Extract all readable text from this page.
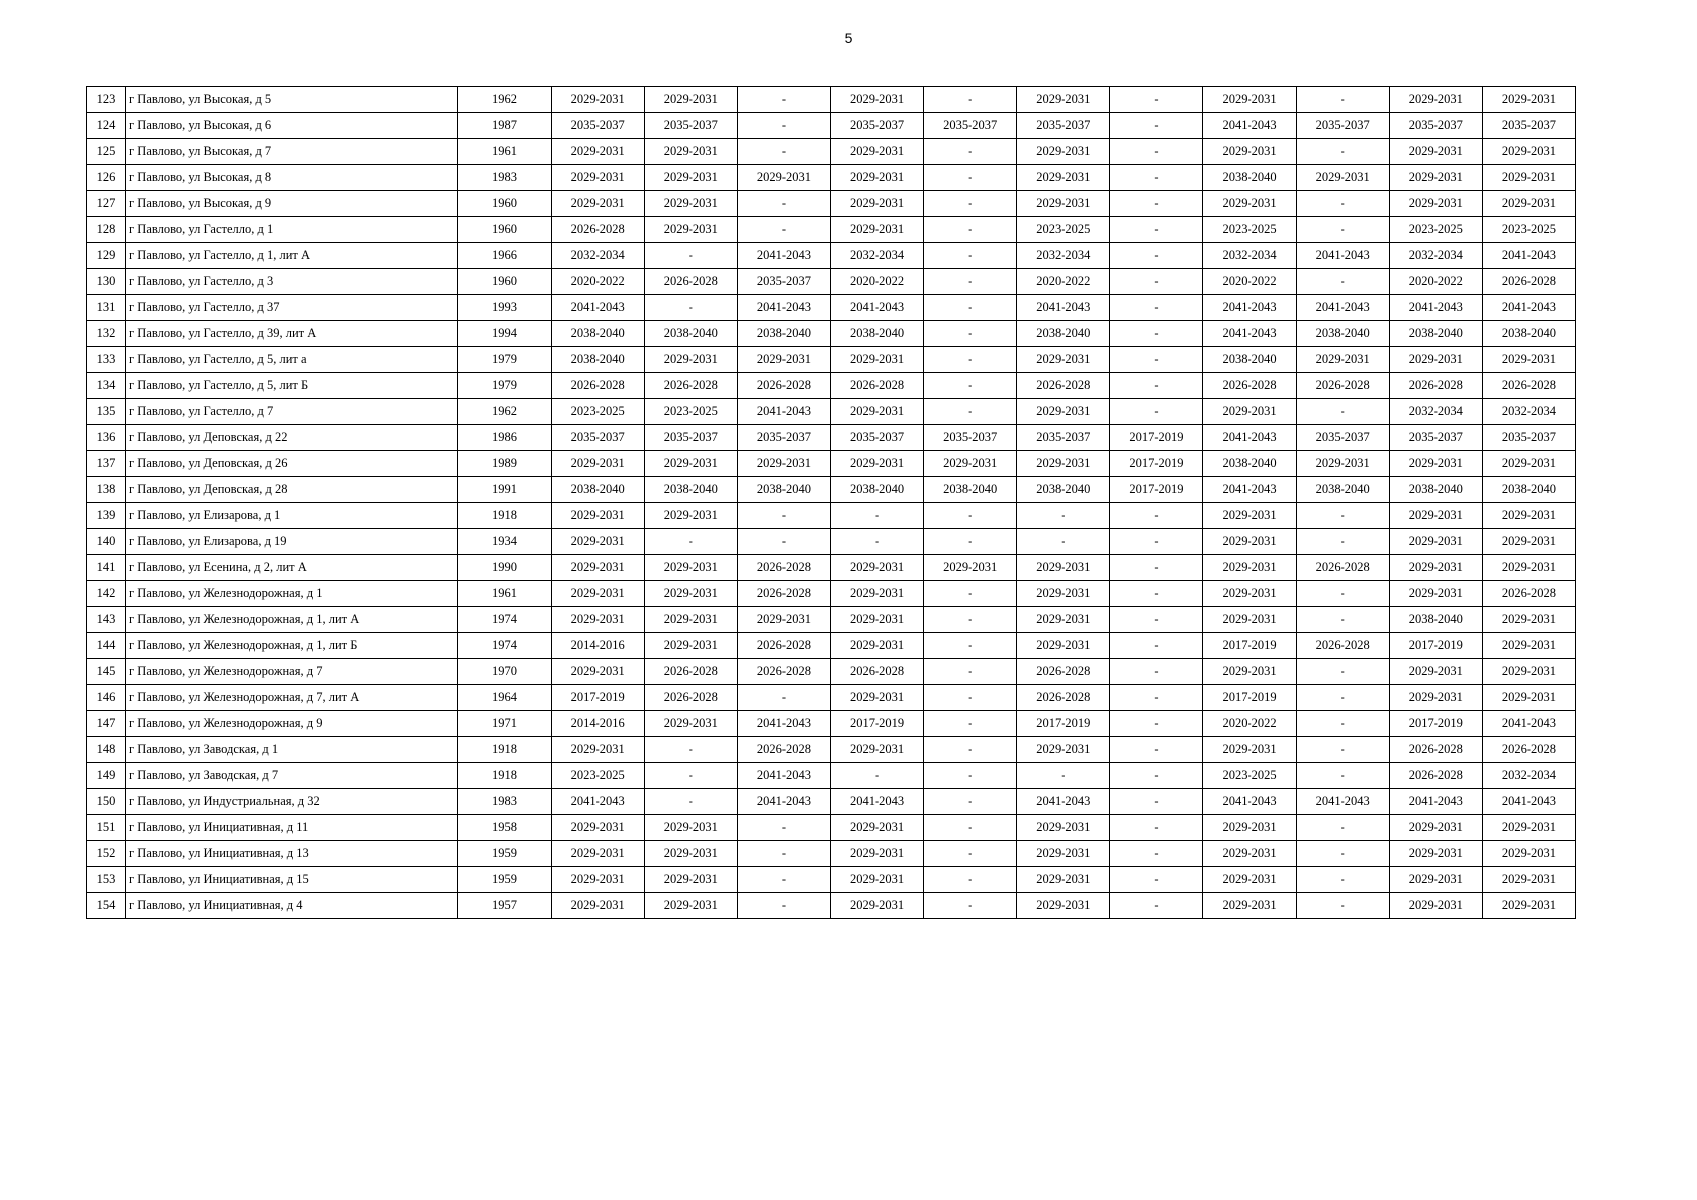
5
123	г Павлово, ул Высокая, д 5	1962	2029-2031	2029-2031	-	2029-2031	-	2029-2031	-	2029-2031	-	2029-2031	2029-2031
124	г Павлово, ул Высокая, д 6	1987	2035-2037	2035-2037	-	2035-2037	2035-2037	2035-2037	-	2041-2043	2035-2037	2035-2037	2035-2037
125	г Павлово, ул Высокая, д 7	1961	2029-2031	2029-2031	-	2029-2031	-	2029-2031	-	2029-2031	-	2029-2031	2029-2031
126	г Павлово, ул Высокая, д 8	1983	2029-2031	2029-2031	2029-2031	2029-2031	-	2029-2031	-	2038-2040	2029-2031	2029-2031	2029-2031
127	г Павлово, ул Высокая, д 9	1960	2029-2031	2029-2031	-	2029-2031	-	2029-2031	-	2029-2031	-	2029-2031	2029-2031
128	г Павлово, ул Гастелло, д 1	1960	2026-2028	2029-2031	-	2029-2031	-	2023-2025	-	2023-2025	-	2023-2025	2023-2025
129	г Павлово, ул Гастелло, д 1, лит А	1966	2032-2034	-	2041-2043	2032-2034	-	2032-2034	-	2032-2034	2041-2043	2032-2034	2041-2043
130	г Павлово, ул Гастелло, д 3	1960	2020-2022	2026-2028	2035-2037	2020-2022	-	2020-2022	-	2020-2022	-	2020-2022	2026-2028
131	г Павлово, ул Гастелло, д 37	1993	2041-2043	-	2041-2043	2041-2043	-	2041-2043	-	2041-2043	2041-2043	2041-2043	2041-2043
132	г Павлово, ул Гастелло, д 39, лит А	1994	2038-2040	2038-2040	2038-2040	2038-2040	-	2038-2040	-	2041-2043	2038-2040	2038-2040	2038-2040
133	г Павлово, ул Гастелло, д 5, лит а	1979	2038-2040	2029-2031	2029-2031	2029-2031	-	2029-2031	-	2038-2040	2029-2031	2029-2031	2029-2031
134	г Павлово, ул Гастелло, д 5, лит Б	1979	2026-2028	2026-2028	2026-2028	2026-2028	-	2026-2028	-	2026-2028	2026-2028	2026-2028	2026-2028
135	г Павлово, ул Гастелло, д 7	1962	2023-2025	2023-2025	2041-2043	2029-2031	-	2029-2031	-	2029-2031	-	2032-2034	2032-2034
136	г Павлово, ул Деповская, д 22	1986	2035-2037	2035-2037	2035-2037	2035-2037	2035-2037	2035-2037	2017-2019	2041-2043	2035-2037	2035-2037	2035-2037
137	г Павлово, ул Деповская, д 26	1989	2029-2031	2029-2031	2029-2031	2029-2031	2029-2031	2029-2031	2017-2019	2038-2040	2029-2031	2029-2031	2029-2031
138	г Павлово, ул Деповская, д 28	1991	2038-2040	2038-2040	2038-2040	2038-2040	2038-2040	2038-2040	2017-2019	2041-2043	2038-2040	2038-2040	2038-2040
139	г Павлово, ул Елизарова, д 1	1918	2029-2031	2029-2031	-	-	-	-	-	2029-2031	-	2029-2031	2029-2031
140	г Павлово, ул Елизарова, д 19	1934	2029-2031	-	-	-	-	-	-	2029-2031	-	2029-2031	2029-2031
141	г Павлово, ул Есенина, д 2, лит А	1990	2029-2031	2029-2031	2026-2028	2029-2031	2029-2031	2029-2031	-	2029-2031	2026-2028	2029-2031	2029-2031
142	г Павлово, ул Железнодорожная, д 1	1961	2029-2031	2029-2031	2026-2028	2029-2031	-	2029-2031	-	2029-2031	-	2029-2031	2026-2028
143	г Павлово, ул Железнодорожная, д 1, лит А	1974	2029-2031	2029-2031	2029-2031	2029-2031	-	2029-2031	-	2029-2031	-	2038-2040	2029-2031
144	г Павлово, ул Железнодорожная, д 1, лит Б	1974	2014-2016	2029-2031	2026-2028	2029-2031	-	2029-2031	-	2017-2019	2026-2028	2017-2019	2029-2031
145	г Павлово, ул Железнодорожная, д 7	1970	2029-2031	2026-2028	2026-2028	2026-2028	-	2026-2028	-	2029-2031	-	2029-2031	2029-2031
146	г Павлово, ул Железнодорожная, д 7, лит А	1964	2017-2019	2026-2028	-	2029-2031	-	2026-2028	-	2017-2019	-	2029-2031	2029-2031
147	г Павлово, ул Железнодорожная, д 9	1971	2014-2016	2029-2031	2041-2043	2017-2019	-	2017-2019	-	2020-2022	-	2017-2019	2041-2043
148	г Павлово, ул Заводская, д 1	1918	2029-2031	-	2026-2028	2029-2031	-	2029-2031	-	2029-2031	-	2026-2028	2026-2028
149	г Павлово, ул Заводская, д 7	1918	2023-2025	-	2041-2043	-	-	-	-	2023-2025	-	2026-2028	2032-2034
150	г Павлово, ул Индустриальная, д 32	1983	2041-2043	-	2041-2043	2041-2043	-	2041-2043	-	2041-2043	2041-2043	2041-2043	2041-2043
151	г Павлово, ул Инициативная, д 11	1958	2029-2031	2029-2031	-	2029-2031	-	2029-2031	-	2029-2031	-	2029-2031	2029-2031
152	г Павлово, ул Инициативная, д 13	1959	2029-2031	2029-2031	-	2029-2031	-	2029-2031	-	2029-2031	-	2029-2031	2029-2031
153	г Павлово, ул Инициативная, д 15	1959	2029-2031	2029-2031	-	2029-2031	-	2029-2031	-	2029-2031	-	2029-2031	2029-2031
154	г Павлово, ул Инициативная, д 4	1957	2029-2031	2029-2031	-	2029-2031	-	2029-2031	-	2029-2031	-	2029-2031	2029-2031
